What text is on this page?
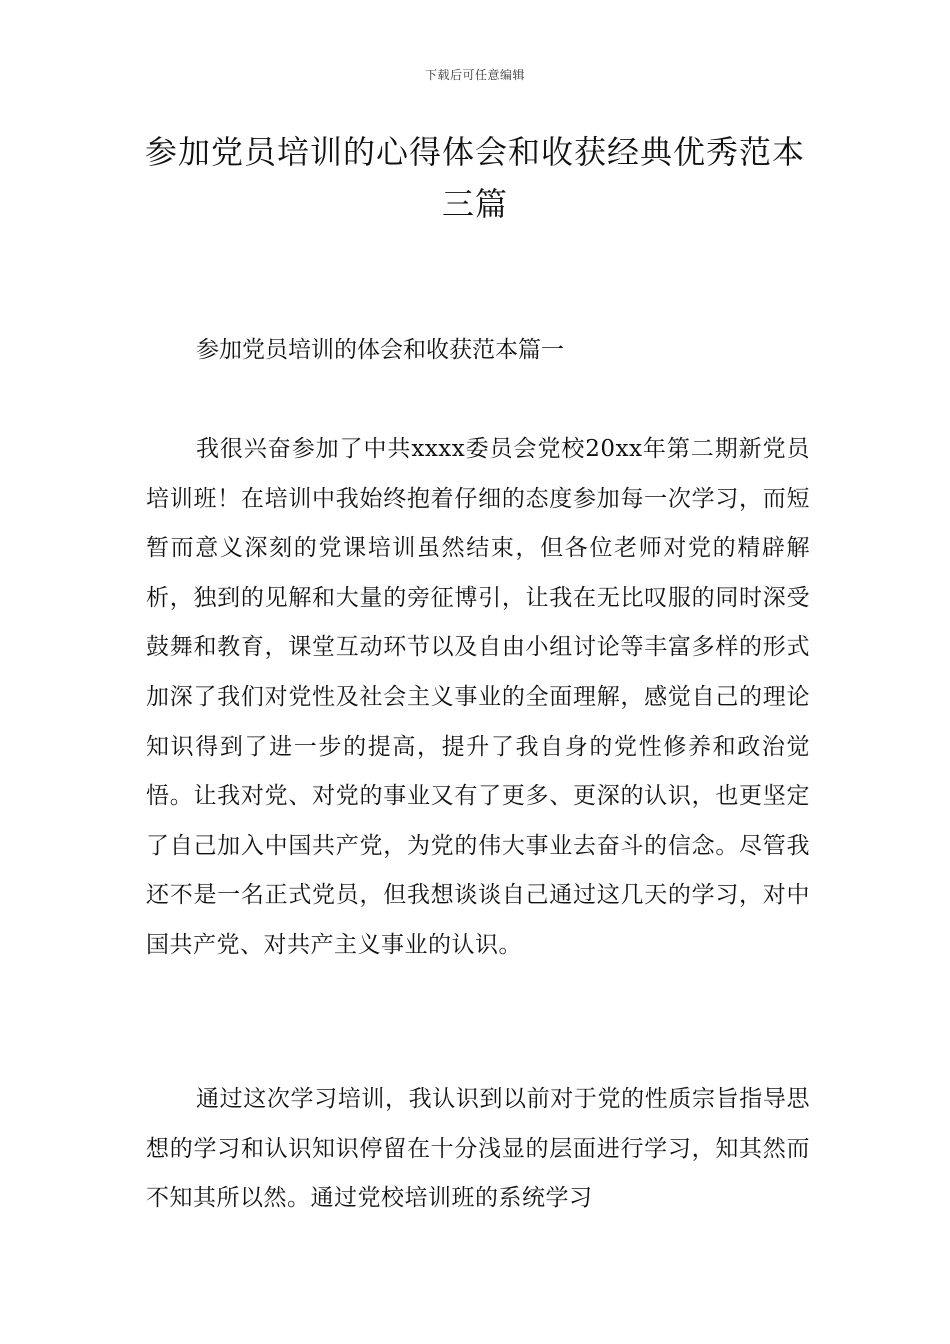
下载后可任意编辑
参加党员培训的心得体会和收获经典优秀范本三篇
参加党员培训的体会和收获范本篇一

我很兴奋参加了中共xxxx委员会党校20xx年第二期新党员培训班！在培训中我始终抱着仔细的态度参加每一次学习，而短暂而意义深刻的党课培训虽然结束，但各位老师对党的精辟解析，独到的见解和大量的旁征博引，让我在无比叹服的同时深受鼓舞和教育，课堂互动环节以及自由小组讨论等丰富多样的形式加深了我们对党性及社会主义事业的全面理解，感觉自己的理论知识得到了进一步的提高，提升了我自身的党性修养和政治觉悟。让我对党、对党的事业又有了更多、更深的认识，也更坚定了自己加入中国共产党，为党的伟大事业去奋斗的信念。尽管我还不是一名正式党员，但我想谈谈自己通过这几天的学习，对中国共产党、对共产主义事业的认识。

通过这次学习培训，我认识到以前对于党的性质宗旨指导思想的学习和认识知识停留在十分浅显的层面进行学习，知其然而不知其所以然。通过党校培训班的系统学习
